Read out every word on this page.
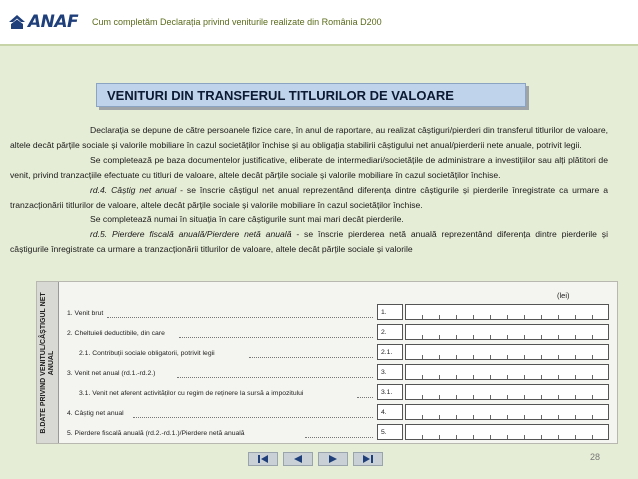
ANAF Cum completăm Declarația privind veniturile realizate din România D200
VENITURI DIN TRANSFERUL TITLURILOR DE VALOARE

Declarația se depune de către persoanele fizice care, în anul de raportare, au realizat câștiguri/pierderi din transferul titlurilor de valoare, altele decât părțile sociale și valorile mobiliare în cazul societăților închise și au obligația stabilirii câștigului net anual/pierderii nete anuale, potrivit legii.

Se completează pe baza documentelor justificative, eliberate de intermediari/societățile de administrare a investițiilor sau alți plătitori de venit, privind tranzacțiile efectuate cu titluri de valoare, altele decât părțile sociale și valorile mobiliare în cazul societăților închise.

rd.4. Câștig net anual - se înscrie câștigul net anual reprezentând diferența dintre câștigurile și pierderile înregistrate ca urmare a tranzacționării titlurilor de valoare, altele decât părțile sociale și valorile mobiliare în cazul societăților închise.

Se completează numai în situația în care câștigurile sunt mai mari decât pierderile.

rd.5. Pierdere fiscală anuală/Pierdere netă anuală - se înscrie pierderea netă anuală reprezentând diferența dintre pierderile și câștigurile înregistrate ca urmare a tranzacționării titlurilor de valoare, altele decât părțile sociale și valorile

B.DATE PRIVIND VENITUL/CÂȘTIGUL NET ANUAL
(lei)
1. Venit brut	1.
2. Cheltuieli deductibile, din care	2.
2.1. Contribuții sociale obligatorii, potrivit legii	2.1.
3. Venit net anual (rd.1.-rd.2.)	3.
3.1. Venit net aferent activităților cu regim de reținere la sursă a impozitului	3.1.
4. Câștig net anual	4.
5. Pierdere fiscală anuală (rd.2.-rd.1.)/Pierdere netă anuală	5.
28
